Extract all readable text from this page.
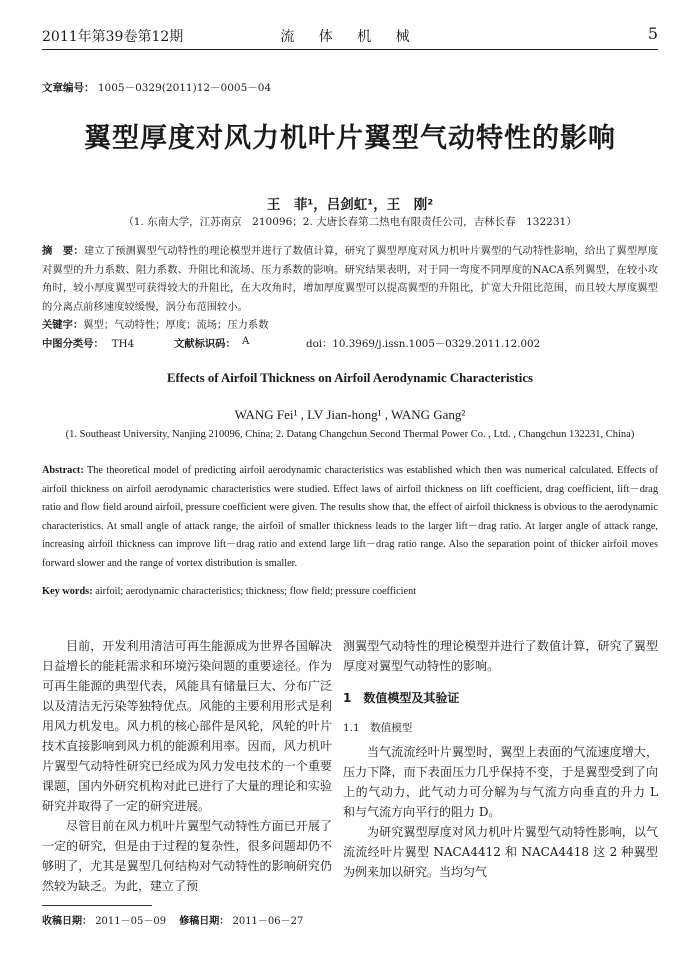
2011年第39卷第12期	流 体 机 械	5
文章编号： 1005－0329(2011)12－0005－04
翼型厚度对风力机叶片翼型气动特性的影响
王　菲¹，吕剑虹¹，王　刚²
（1. 东南大学，江苏南京　210096；2. 大唐长春第二热电有限责任公司，吉林长春　132231）
摘　要：建立了预测翼型气动特性的理论模型并进行了数值计算，研究了翼型厚度对风力机叶片翼型的气动特性影响，给出了翼型厚度对翼型的升力系数、阻力系数、升阻比和流场、压力系数的影响。研究结果表明，对于同一弯度不同厚度的NACA系列翼型，在较小攻角时，较小厚度翼型可获得较大的升阻比，在大攻角时，增加厚度翼型可以提高翼型的升阻比，扩宽大升阻比范围，而且较大厚度翼型的分离点前移速度较缓慢，涡分布范围较小。
关键字：翼型；气动特性；厚度；流场；压力系数
中图分类号： TH4	文献标识码： A	doi：10.3969/j.issn.1005－0329.2011.12.002
Effects of Airfoil Thickness on Airfoil Aerodynamic Characteristics
WANG Fei¹ , LV Jian-hong¹ , WANG Gang²
(1. Southeast University, Nanjing 210096, China; 2. Datang Changchun Second Thermal Power Co. , Ltd. , Changchun 132231, China)
Abstract: The theoretical model of predicting airfoil aerodynamic characteristics was established which then was numerical calculated. Effects of airfoil thickness on airfoil aerodynamic characteristics were studied. Effect laws of airfoil thickness on lift coefficient, drag coefficient, lift－drag ratio and flow field around airfoil, pressure coefficient were given. The results show that, the effect of airfoil thickness is obvious to the aerodynamic characteristics. At small angle of attack range, the airfoil of smaller thickness leads to the larger lift－drag ratio. At larger angle of attack range, increasing airfoil thickness can improve lift－drag ratio and extend large lift－drag ratio range. Also the separation point of thicker airfoil moves forward slower and the range of vortex distribution is smaller.
Key words: airfoil; aerodynamic characteristics; thickness; flow field; pressure coefficient

目前，开发利用清洁可再生能源成为世界各国解决日益增长的能耗需求和环境污染问题的重要途径。作为可再生能源的典型代表，风能具有储量巨大、分布广泛以及清洁无污染等独特优点。风能的主要利用形式是利用风力机发电。风力机的核心部件是风轮，风轮的叶片技术直接影响到风力机的能源利用率。因而，风力机叶片翼型气动特性研究已经成为风力发电技术的一个重要课题，国内外研究机构对此已进行了大量的理论和实验研究并取得了一定的研究进展。

尽管目前在风力机叶片翼型气动特性方面已开展了一定的研究，但是由于过程的复杂性，很多问题却仍不够明了，尤其是翼型几何结构对气动特性的影响研究仍然较为缺乏。为此，建立了预

测翼型气动特性的理论模型并进行了数值计算，研究了翼型厚度对翼型气动特性的影响。

1　数值模型及其验证
1.1　数值模型

当气流流经叶片翼型时，翼型上表面的气流速度增大，压力下降，而下表面压力几乎保持不变，于是翼型受到了向上的气动力，此气动力可分解为与气流方向垂直的升力 L 和与气流方向平行的阻力 D。

为研究翼型厚度对风力机叶片翼型气动特性影响，以气流流经叶片翼型 NACA4412 和 NACA4418 这 2 种翼型为例来加以研究。当均匀气

收稿日期： 2011－05－09 修稿日期： 2011－06－27
